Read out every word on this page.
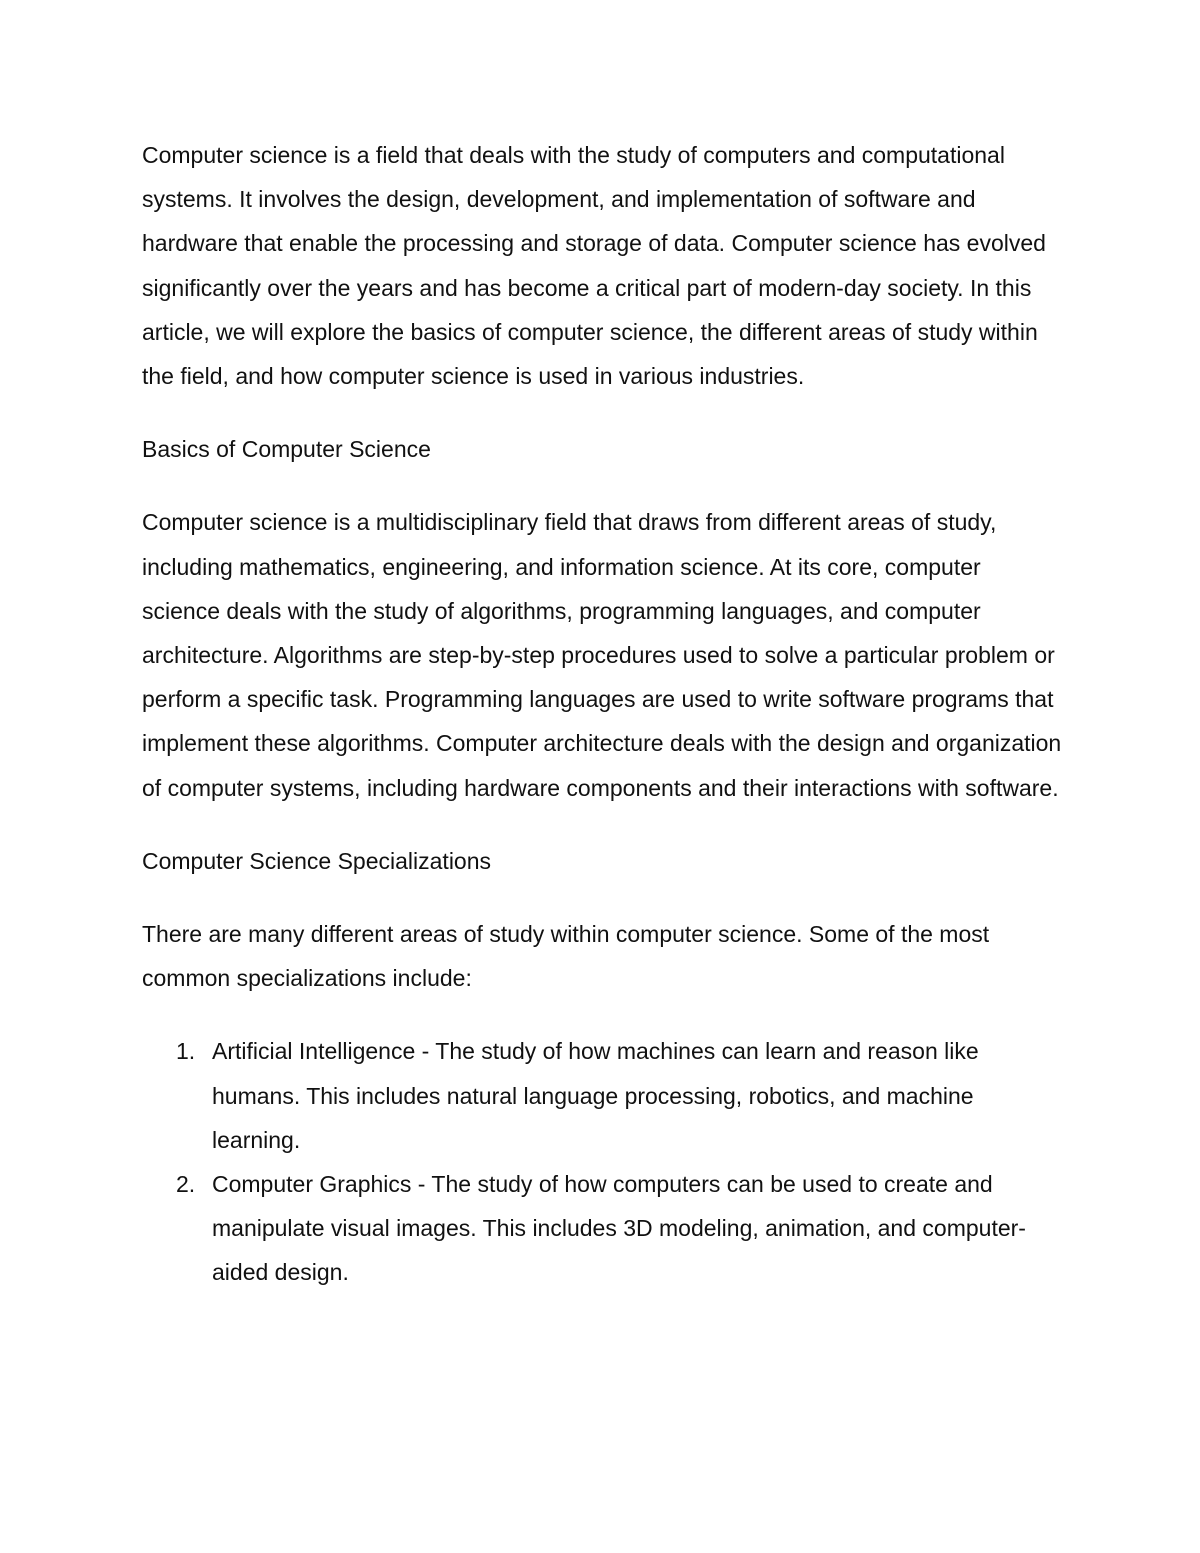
Computer science is a field that deals with the study of computers and computational systems. It involves the design, development, and implementation of software and hardware that enable the processing and storage of data. Computer science has evolved significantly over the years and has become a critical part of modern-day society. In this article, we will explore the basics of computer science, the different areas of study within the field, and how computer science is used in various industries.

Basics of Computer Science

Computer science is a multidisciplinary field that draws from different areas of study, including mathematics, engineering, and information science. At its core, computer science deals with the study of algorithms, programming languages, and computer architecture. Algorithms are step-by-step procedures used to solve a particular problem or perform a specific task. Programming languages are used to write software programs that implement these algorithms. Computer architecture deals with the design and organization of computer systems, including hardware components and their interactions with software.

Computer Science Specializations

There are many different areas of study within computer science. Some of the most common specializations include:

1. Artificial Intelligence - The study of how machines can learn and reason like humans. This includes natural language processing, robotics, and machine learning.
2. Computer Graphics - The study of how computers can be used to create and manipulate visual images. This includes 3D modeling, animation, and computer-aided design.
